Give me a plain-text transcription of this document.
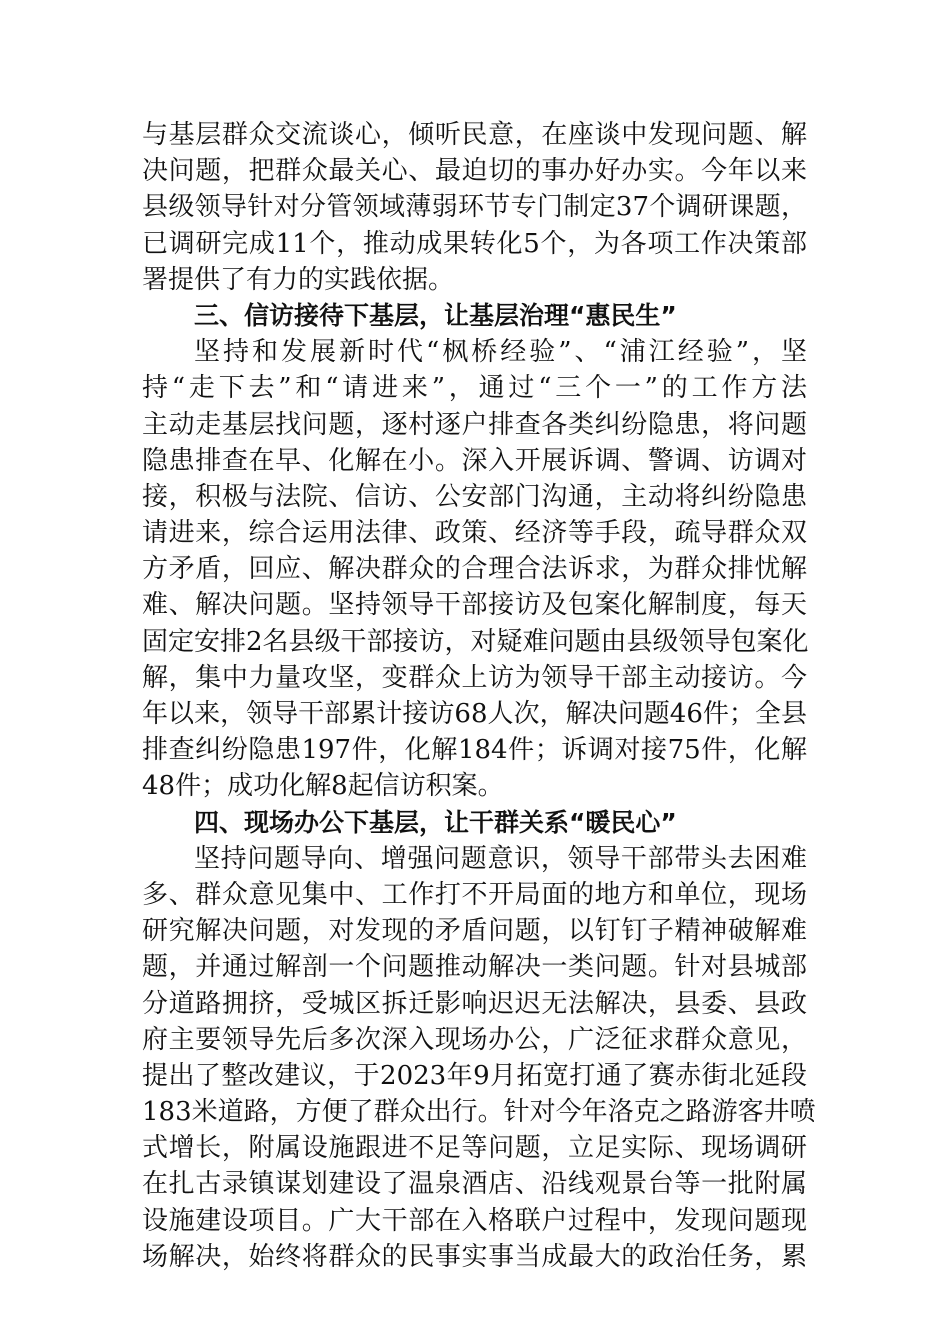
与基层群众交流谈心，倾听民意，在座谈中发现问题、解
决问题，把群众最关心、最迫切的事办好办实。今年以来
县级领导针对分管领域薄弱环节专门制定37个调研课题，
已调研完成11个，推动成果转化5个，为各项工作决策部
署提供了有力的实践依据。
三、信访接待下基层，让基层治理“惠民生”
坚持和发展新时代“枫桥经验”、“浦江经验”，坚
持“走下去”和“请进来”，通过“三个一”的工作方法
主动走基层找问题，逐村逐户排查各类纠纷隐患，将问题
隐患排查在早、化解在小。深入开展诉调、警调、访调对
接，积极与法院、信访、公安部门沟通，主动将纠纷隐患
请进来，综合运用法律、政策、经济等手段，疏导群众双
方矛盾，回应、解决群众的合理合法诉求，为群众排忧解
难、解决问题。坚持领导干部接访及包案化解制度，每天
固定安排2名县级干部接访，对疑难问题由县级领导包案化
解，集中力量攻坚，变群众上访为领导干部主动接访。今
年以来，领导干部累计接访68人次，解决问题46件；全县
排查纠纷隐患197件，化解184件；诉调对接75件，化解
48件；成功化解8起信访积案。
四、现场办公下基层，让干群关系“暖民心”
坚持问题导向、增强问题意识，领导干部带头去困难
多、群众意见集中、工作打不开局面的地方和单位，现场
研究解决问题，对发现的矛盾问题，以钉钉子精神破解难
题，并通过解剖一个问题推动解决一类问题。针对县城部
分道路拥挤，受城区拆迁影响迟迟无法解决，县委、县政
府主要领导先后多次深入现场办公，广泛征求群众意见，
提出了整改建议，于2023年9月拓宽打通了赛赤街北延段
183米道路，方便了群众出行。针对今年洛克之路游客井喷
式增长，附属设施跟进不足等问题，立足实际、现场调研
在扎古录镇谋划建设了温泉酒店、沿线观景台等一批附属
设施建设项目。广大干部在入格联户过程中，发现问题现
场解决，始终将群众的民事实事当成最大的政治任务，累
